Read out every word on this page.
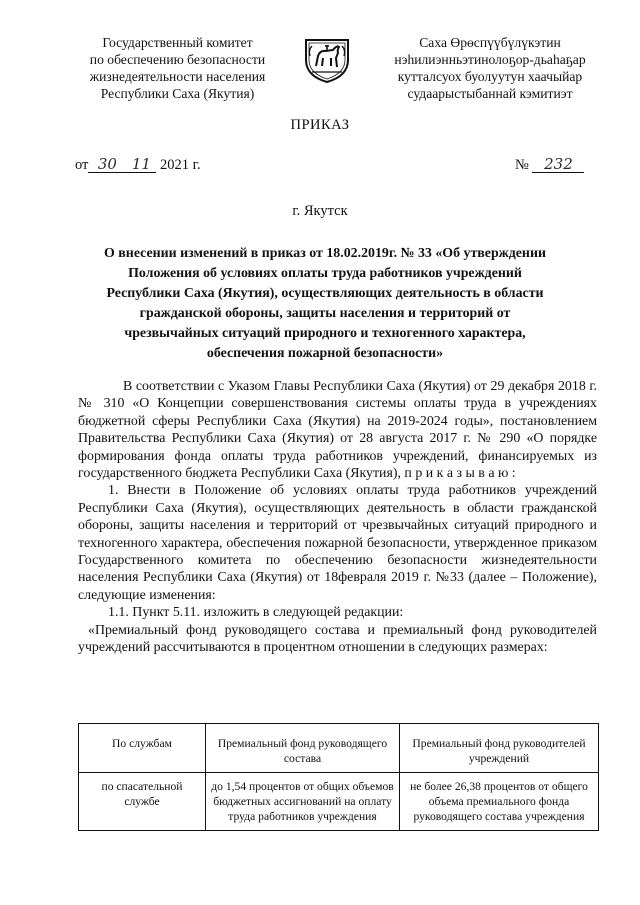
Государственный комитет
по обеспечению безопасности
жизнедеятельности населения
Республики Саха (Якутия)
Саха Өрөспүүбүлүкэтин
нэһилиэнньэтинолоҕор-дьаһаҕар
кутталсуох буолуутун хаачыйар
судаарыстыбаннай кэмитиэт
ПРИКАЗ
от 30 11 2021 г.	№ 232
г. Якутск
О внесении изменений в приказ от 18.02.2019г. № 33 «Об утверждении Положения об условиях оплаты труда работников учреждений Республики Саха (Якутия), осуществляющих деятельность в области гражданской обороны, защиты населения и территорий от чрезвычайных ситуаций природного и техногенного характера, обеспечения пожарной безопасности»

В соответствии с Указом Главы Республики Саха (Якутия) от 29 декабря 2018 г. № 310 «О Концепции совершенствования системы оплаты труда в учреждениях бюджетной сферы Республики Саха (Якутия) на 2019-2024 годы», постановлением Правительства Республики Саха (Якутия) от 28 августа 2017 г. № 290 «О порядке формирования фонда оплаты труда работников учреждений, финансируемых из государственного бюджета Республики Саха (Якутия), п р и к а з ы в а ю :

1. Внести в Положение об условиях оплаты труда работников учреждений Республики Саха (Якутия), осуществляющих деятельность в области гражданской обороны, защиты населения и территорий от чрезвычайных ситуаций природного и техногенного характера, обеспечения пожарной безопасности, утвержденное приказом Государственного комитета по обеспечению безопасности жизнедеятельности населения Республики Саха (Якутия) от 18февраля 2019 г. №33 (далее – Положение), следующие изменения:

1.1. Пункт 5.11. изложить в следующей редакции:

«Премиальный фонд руководящего состава и премиальный фонд руководителей учреждений рассчитываются в процентном отношении в следующих размерах:

По службам	Премиальный фонд руководящего состава	Премиальный фонд руководителей учреждений
по спасательной службе	до 1,54 процентов от общих объемов бюджетных ассигнований на оплату труда работников учреждения	не более 26,38 процентов от общего объема премиального фонда руководящего состава учреждения
